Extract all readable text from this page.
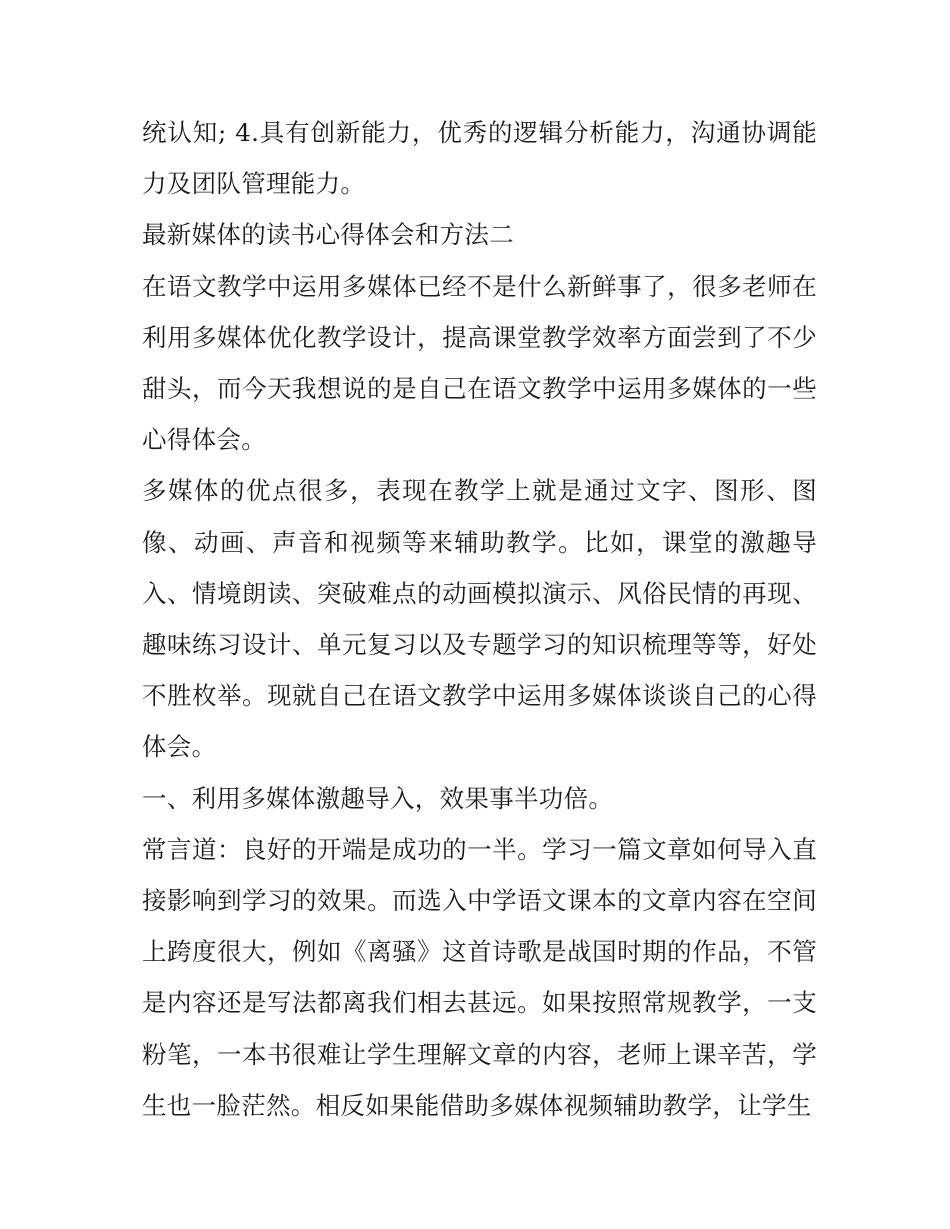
统认知; 4.具有创新能力，优秀的逻辑分析能力，沟通协调能力及团队管理能力。

最新媒体的读书心得体会和方法二

在语文教学中运用多媒体已经不是什么新鲜事了，很多老师在利用多媒体优化教学设计，提高课堂教学效率方面尝到了不少甜头，而今天我想说的是自己在语文教学中运用多媒体的一些心得体会。

多媒体的优点很多，表现在教学上就是通过文字、图形、图像、动画、声音和视频等来辅助教学。比如，课堂的激趣导入、情境朗读、突破难点的动画模拟演示、风俗民情的再现、趣味练习设计、单元复习以及专题学习的知识梳理等等，好处不胜枚举。现就自己在语文教学中运用多媒体谈谈自己的心得体会。

一、利用多媒体激趣导入，效果事半功倍。

常言道：良好的开端是成功的一半。学习一篇文章如何导入直接影响到学习的效果。而选入中学语文课本的文章内容在空间上跨度很大，例如《离骚》这首诗歌是战国时期的作品，不管是内容还是写法都离我们相去甚远。如果按照常规教学，一支粉笔，一本书很难让学生理解文章的内容，老师上课辛苦，学生也一脸茫然。相反如果能借助多媒体视频辅助教学，让学生
